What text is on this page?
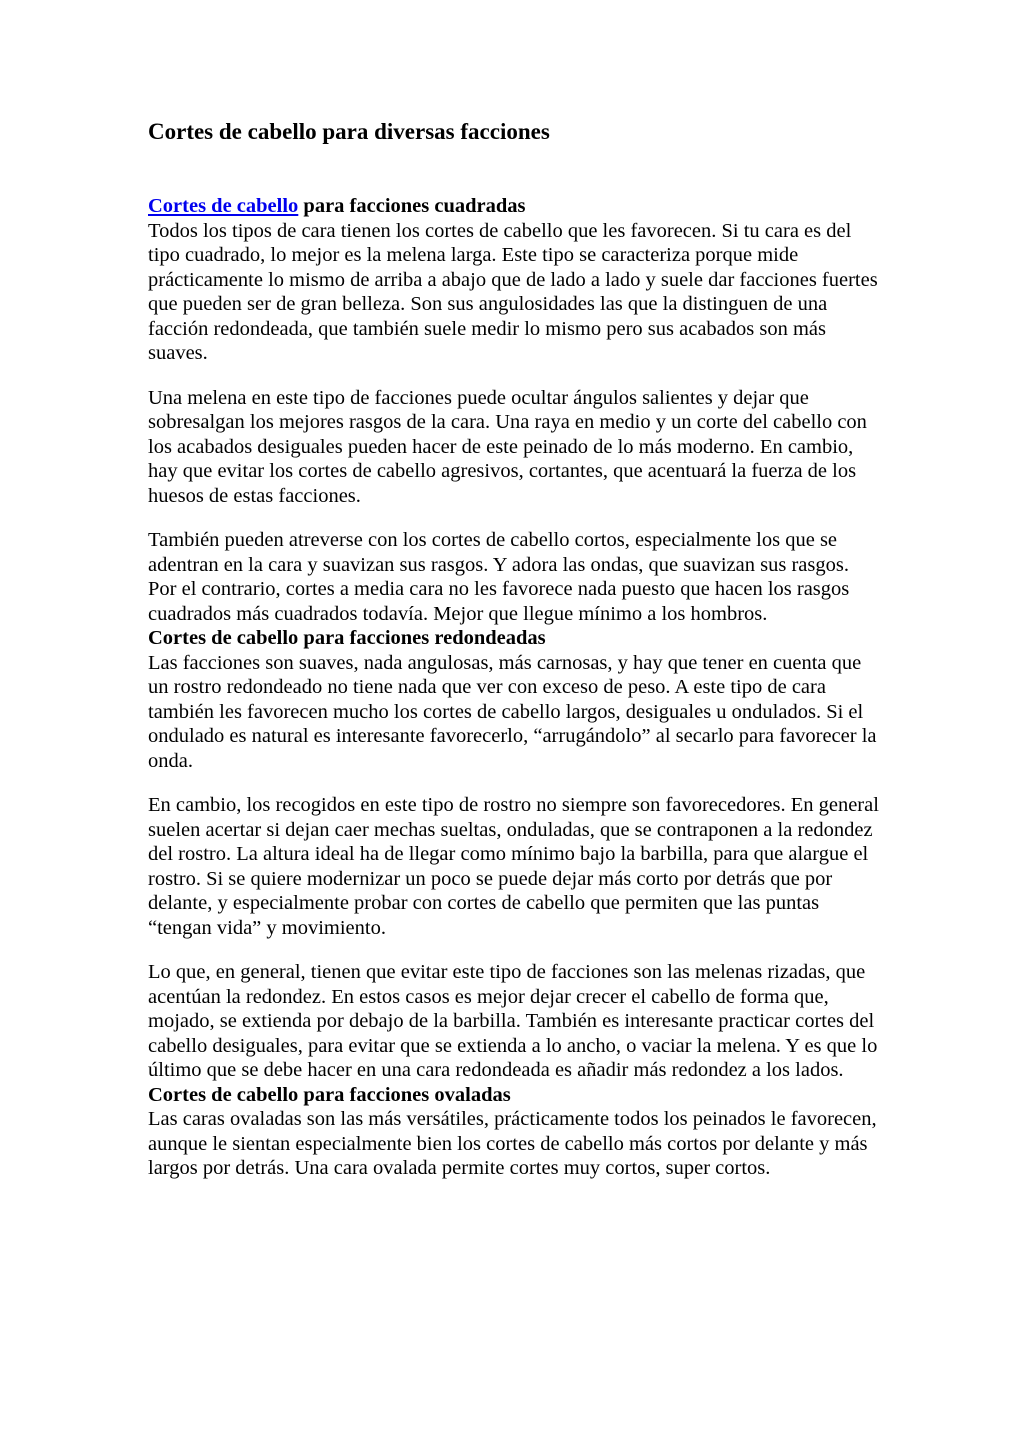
Cortes de cabello para diversas facciones

Cortes de cabello para facciones cuadradas

Todos los tipos de cara tienen los cortes de cabello que les favorecen. Si tu cara es del tipo cuadrado, lo mejor es la melena larga. Este tipo se caracteriza porque mide prácticamente lo mismo de arriba a abajo que de lado a lado y suele dar facciones fuertes que pueden ser de gran belleza. Son sus angulosidades las que la distinguen de una facción redondeada, que también suele medir lo mismo pero sus acabados son más suaves.

Una melena en este tipo de facciones puede ocultar ángulos salientes y dejar que sobresalgan los mejores rasgos de la cara. Una raya en medio y un corte del cabello con los acabados desiguales pueden hacer de este peinado de lo más moderno. En cambio, hay que evitar los cortes de cabello agresivos, cortantes, que acentuará la fuerza de los huesos de estas facciones.

También pueden atreverse con los cortes de cabello cortos, especialmente los que se adentran en la cara y suavizan sus rasgos. Y adora las ondas, que suavizan sus rasgos. Por el contrario, cortes a media cara no les favorece nada puesto que hacen los rasgos cuadrados más cuadrados todavía. Mejor que llegue mínimo a los hombros.

Cortes de cabello para facciones redondeadas

Las facciones son suaves, nada angulosas, más carnosas, y hay que tener en cuenta que un rostro redondeado no tiene nada que ver con exceso de peso. A este tipo de cara también les favorecen mucho los cortes de cabello largos, desiguales u ondulados. Si el ondulado es natural es interesante favorecerlo, “arrugándolo” al secarlo para favorecer la onda.

En cambio, los recogidos en este tipo de rostro no siempre son favorecedores. En general suelen acertar si dejan caer mechas sueltas, onduladas, que se contraponen a la redondez del rostro. La altura ideal ha de llegar como mínimo bajo la barbilla, para que alargue el rostro. Si se quiere modernizar un poco se puede dejar más corto por detrás que por delante, y especialmente probar con cortes de cabello que permiten que las puntas “tengan vida” y movimiento.

Lo que, en general, tienen que evitar este tipo de facciones son las melenas rizadas, que acentúan la redondez. En estos casos es mejor dejar crecer el cabello de forma que, mojado, se extienda por debajo de la barbilla. También es interesante practicar cortes del cabello desiguales, para evitar que se extienda a lo ancho, o vaciar la melena. Y es que lo último que se debe hacer en una cara redondeada es añadir más redondez a los lados.

Cortes de cabello para facciones ovaladas

Las caras ovaladas son las más versátiles, prácticamente todos los peinados le favorecen, aunque le sientan especialmente bien los cortes de cabello más cortos por delante y más largos por detrás. Una cara ovalada permite cortes muy cortos, super cortos.
